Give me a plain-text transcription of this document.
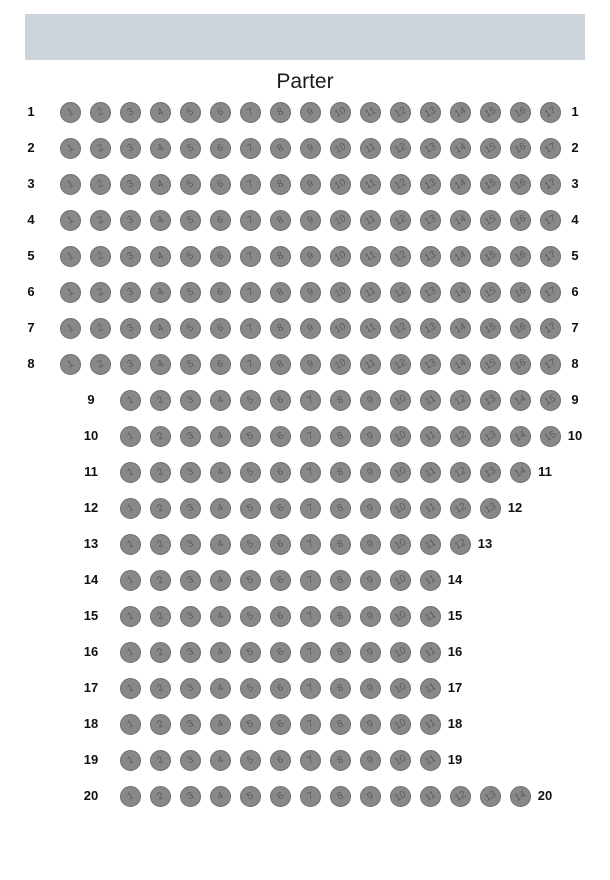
Parter
1	1	2	3	4	5	6	7	8	9	10	11	12	13	14	15	16	17	1
2	1	2	3	4	5	6	7	8	9	10	11	12	13	14	15	16	17	2
3	1	2	3	4	5	6	7	8	9	10	11	12	13	14	15	16	17	3
4	1	2	3	4	5	6	7	8	9	10	11	12	13	14	15	16	17	4
5	1	2	3	4	5	6	7	8	9	10	11	12	13	14	15	16	17	5
6	1	2	3	4	5	6	7	8	9	10	11	12	13	14	15	16	17	6
7	1	2	3	4	5	6	7	8	9	10	11	12	13	14	15	16	17	7
8	1	2	3	4	5	6	7	8	9	10	11	12	13	14	15	16	17	8
9	1	2	3	4	5	6	7	8	9	10	11	12	13	14	15	9
10	1	2	3	4	5	6	7	8	9	10	11	12	13	14	15 10
11	1	2	3	4	5	6	7	8	9	10	11	12	13	14 11
12	1	2	3	4	5	6	7	8	9	10	11	12	13 12
13	1	2	3	4	5	6	7	8	9	10	11	12 13
14	1	2	3	4	5	6	7	8	9	10	11 14
15	1	2	3	4	5	6	7	8	9	10	11 15
16	1	2	3	4	5	6	7	8	9	10	11 16
17	1	2	3	4	5	6	7	8	9	10	11 17
18	1	2	3	4	5	6	7	8	9	10	11 18
19	1	2	3	4	5	6	7	8	9	10	11 19
20	1	2	3	4	5	6	7	8	9	10	11	12	13	14 20
